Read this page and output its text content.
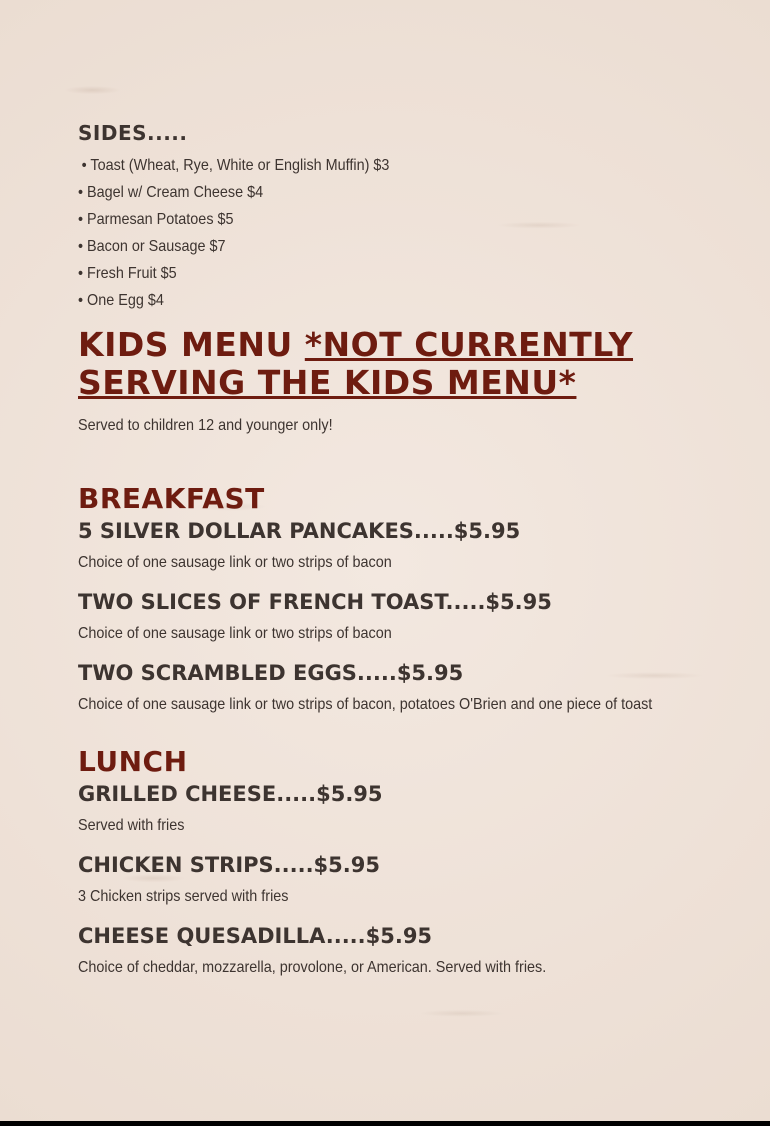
SIDES.....
• Toast (Wheat, Rye, White or English Muffin) $3
• Bagel w/ Cream Cheese $4
• Parmesan Potatoes $5
• Bacon or Sausage $7
• Fresh Fruit $5
• One Egg $4
KIDS MENU *NOT CURRENTLY SERVING THE KIDS MENU*
Served to children 12 and younger only!
BREAKFAST
5 SILVER DOLLAR PANCAKES.....$5.95
Choice of one sausage link or two strips of bacon
TWO SLICES OF FRENCH TOAST.....$5.95
Choice of one sausage link or two strips of bacon
TWO SCRAMBLED EGGS.....$5.95
Choice of one sausage link or two strips of bacon, potatoes O'Brien and one piece of toast
LUNCH
GRILLED CHEESE.....$5.95
Served with fries
CHICKEN STRIPS.....$5.95
3 Chicken strips served with fries
CHEESE QUESADILLA.....$5.95
Choice of cheddar, mozzarella, provolone, or American. Served with fries.
